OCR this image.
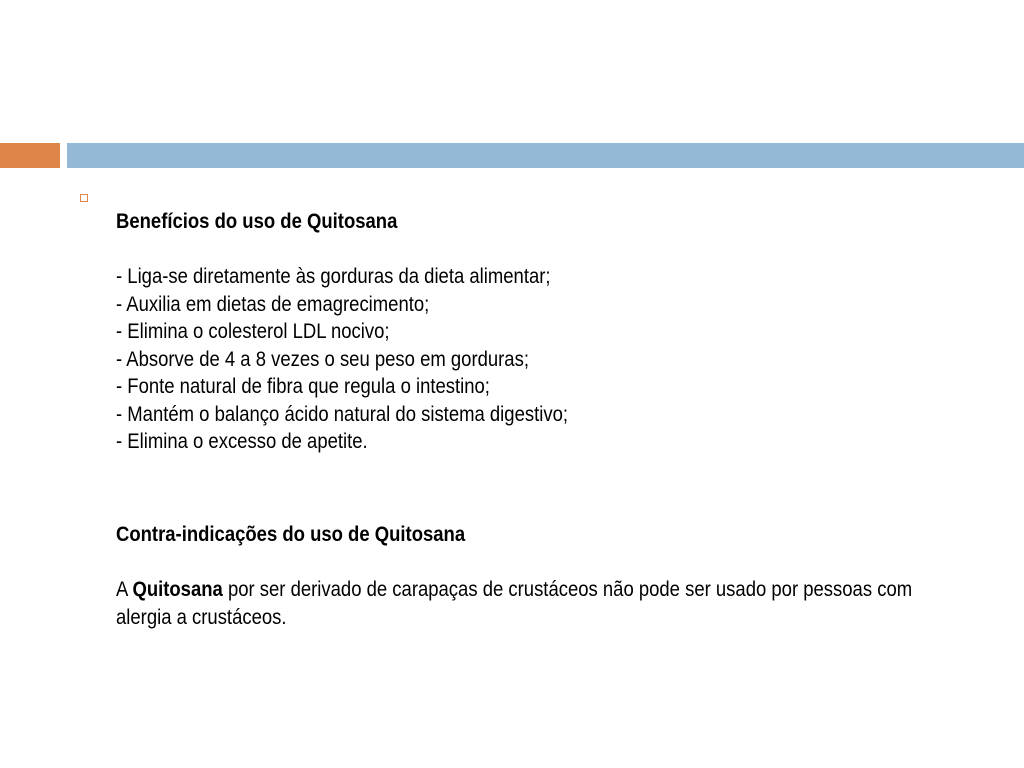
Benefícios do uso de Quitosana

- Liga-se diretamente às gorduras da dieta alimentar;

- Auxilia em dietas de emagrecimento;

- Elimina o colesterol LDL nocivo;

- Absorve de 4 a 8 vezes o seu peso em gorduras;

- Fonte natural de fibra que regula o intestino;

- Mantém o balanço ácido natural do sistema digestivo;

- Elimina o excesso de apetite.

Contra-indicações do uso de Quitosana

A Quitosana por ser derivado de carapaças de crustáceos não pode ser usado por pessoas com alergia a crustáceos.
